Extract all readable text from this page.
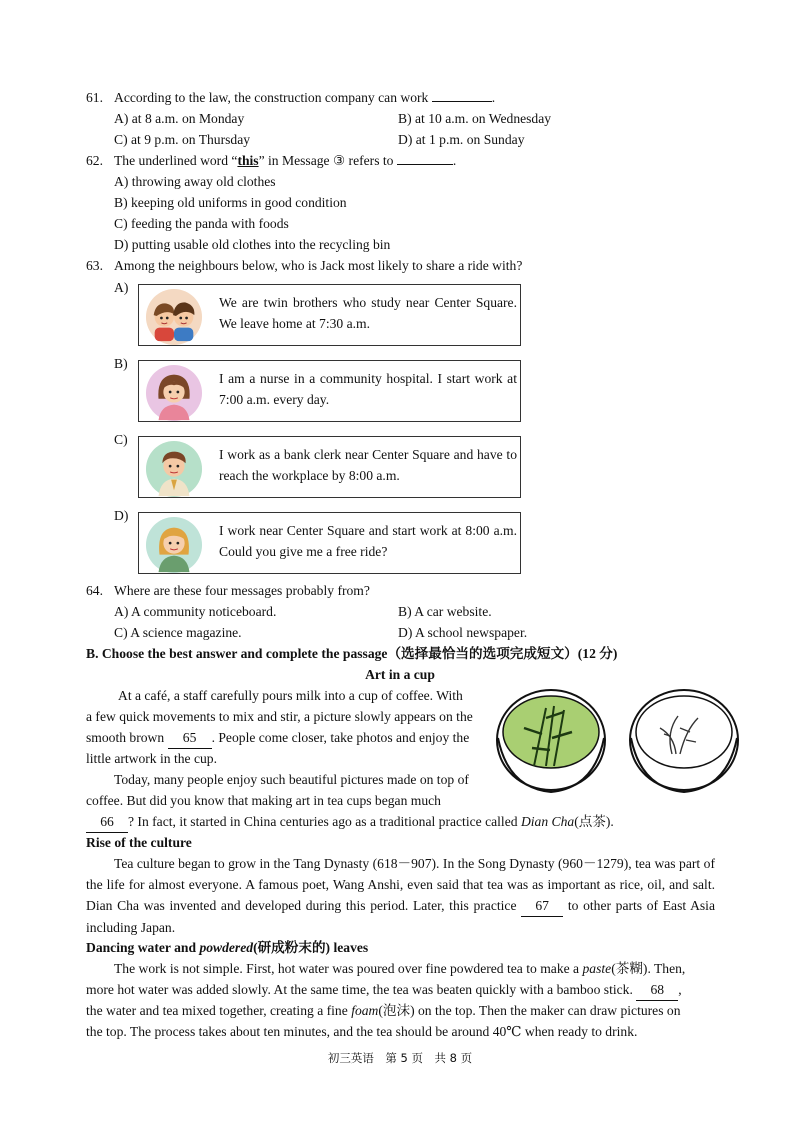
61. According to the law, the construction company can work	.
A) at 8 a.m. on Monday	B) at 10 a.m. on Wednesday
C) at 9 p.m. on Thursday	D) at 1 p.m. on Sunday
62. The underlined word “this” in Message ③ refers to	.
A) throwing away old clothes
B) keeping old uniforms in good condition
C) feeding the panda with foods
D) putting usable old clothes into the recycling bin
63. Among the neighbours below, who is Jack most likely to share a ride with?
A)
We are twin brothers who study near Center Square. We leave home at 7:30 a.m.
B)
I am a nurse in a community hospital. I start work at 7:00 a.m. every day.
C)
I work as a bank clerk near Center Square and have to reach the workplace by 8:00 a.m.
D)
I work near Center Square and start work at 8:00 a.m. Could you give me a free ride?
64. Where are these four messages probably from?
A) A community noticeboard.	B) A car website.
C) A science magazine.	D) A school newspaper.
B. Choose the best answer and complete the passage（选择最恰当的选项完成短文）(12 分)
Art in a cup
At a café, a staff carefully pours milk into a cup of coffee. With
a few quick movements to mix and stir, a picture slowly appears on the
smooth brown 65 . People come closer, take photos and enjoy the
little artwork in the cup.
Today, many people enjoy such beautiful pictures made on top of
coffee. But did you know that making art in tea cups began much
66 ? In fact, it started in China centuries ago as a traditional practice called Dian Cha(点茶).
Rise of the culture
Tea culture began to grow in the Tang Dynasty (618－907). In the Song Dynasty (960－1279), tea was part of the life for almost everyone. A famous poet, Wang Anshi, even said that tea was as important as rice, oil, and salt. Dian Cha was invented and developed during this period. Later, this practice 67 to other parts of East Asia including Japan.
Dancing water and powdered(研成粉末的) leaves
The work is not simple. First, hot water was poured over fine powdered tea to make a paste(茶糊). Then,
more hot water was added slowly. At the same time, the tea was beaten quickly with a bamboo stick. 68 ,
the water and tea mixed together, creating a fine foam(泡沫) on the top. Then the maker can draw pictures on
the top. The process takes about ten minutes, and the tea should be around 40℃ when ready to drink.
初三英语　第 5 页　共 8 页
